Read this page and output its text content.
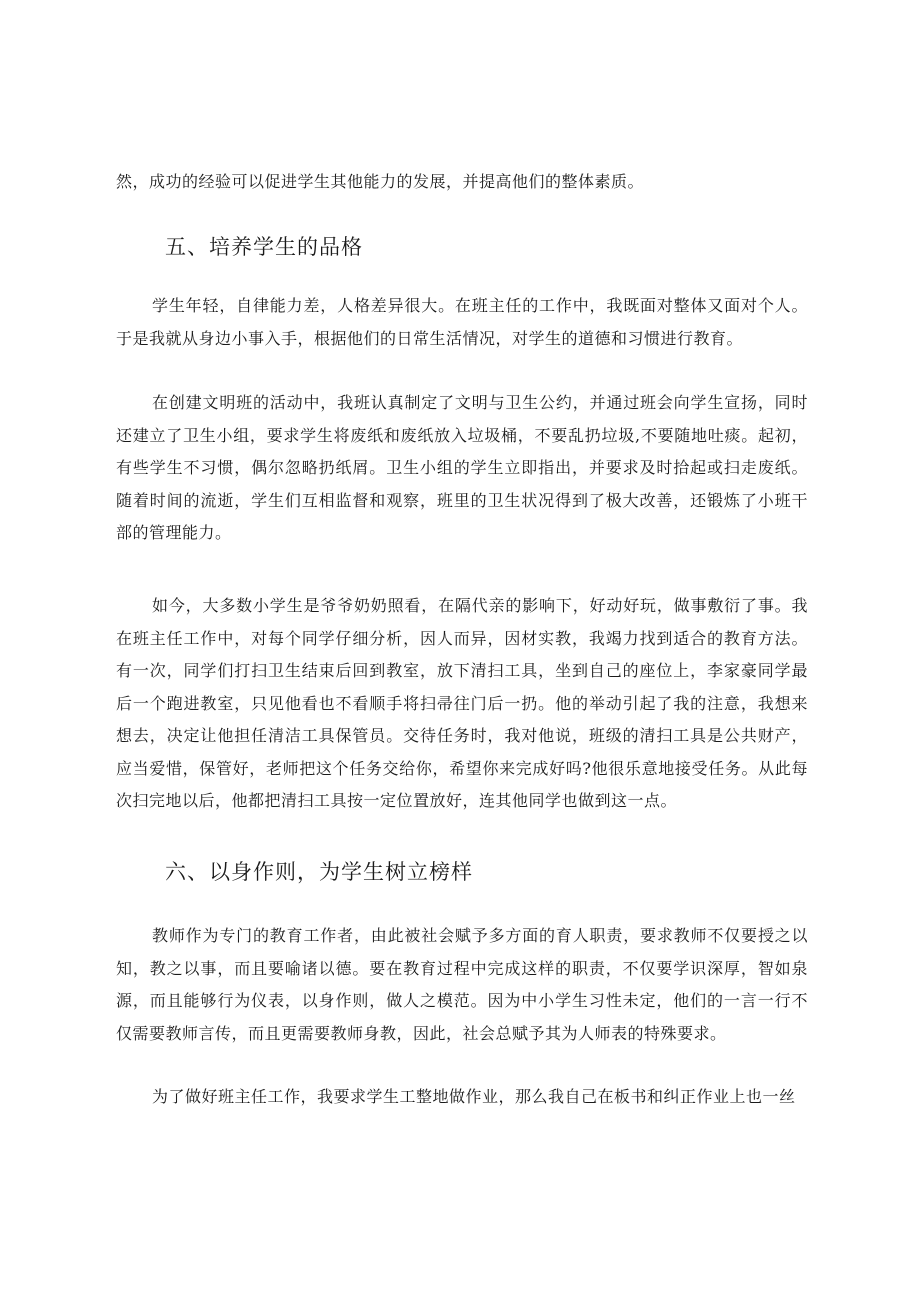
然，成功的经验可以促进学生其他能力的发展，并提高他们的整体素质。

五、培养学生的品格

学生年轻，自律能力差，人格差异很大。在班主任的工作中，我既面对整体又面对个人。于是我就从身边小事入手，根据他们的日常生活情况，对学生的道德和习惯进行教育。

在创建文明班的活动中，我班认真制定了文明与卫生公约，并通过班会向学生宣扬，同时还建立了卫生小组，要求学生将废纸和废纸放入垃圾桶，不要乱扔垃圾,不要随地吐痰。起初，有些学生不习惯，偶尔忽略扔纸屑。卫生小组的学生立即指出，并要求及时拾起或扫走废纸。随着时间的流逝，学生们互相监督和观察，班里的卫生状况得到了极大改善，还锻炼了小班干部的管理能力。

如今，大多数小学生是爷爷奶奶照看，在隔代亲的影响下，好动好玩，做事敷衍了事。我在班主任工作中，对每个同学仔细分析，因人而异，因材实教，我竭力找到适合的教育方法。有一次，同学们打扫卫生结束后回到教室，放下清扫工具，坐到自己的座位上，李家豪同学最后一个跑进教室，只见他看也不看顺手将扫帚往门后一扔。他的举动引起了我的注意，我想来想去，决定让他担任清洁工具保管员。交待任务时，我对他说，班级的清扫工具是公共财产，应当爱惜，保管好，老师把这个任务交给你，希望你来完成好吗?他很乐意地接受任务。从此每次扫完地以后，他都把清扫工具按一定位置放好，连其他同学也做到这一点。

六、以身作则，为学生树立榜样

教师作为专门的教育工作者，由此被社会赋予多方面的育人职责，要求教师不仅要授之以知，教之以事，而且要喻诸以德。要在教育过程中完成这样的职责，不仅要学识深厚，智如泉源，而且能够行为仪表，以身作则，做人之模范。因为中小学生习性未定，他们的一言一行不仅需要教师言传，而且更需要教师身教，因此，社会总赋予其为人师表的特殊要求。

为了做好班主任工作，我要求学生工整地做作业，那么我自己在板书和纠正作业上也一丝
